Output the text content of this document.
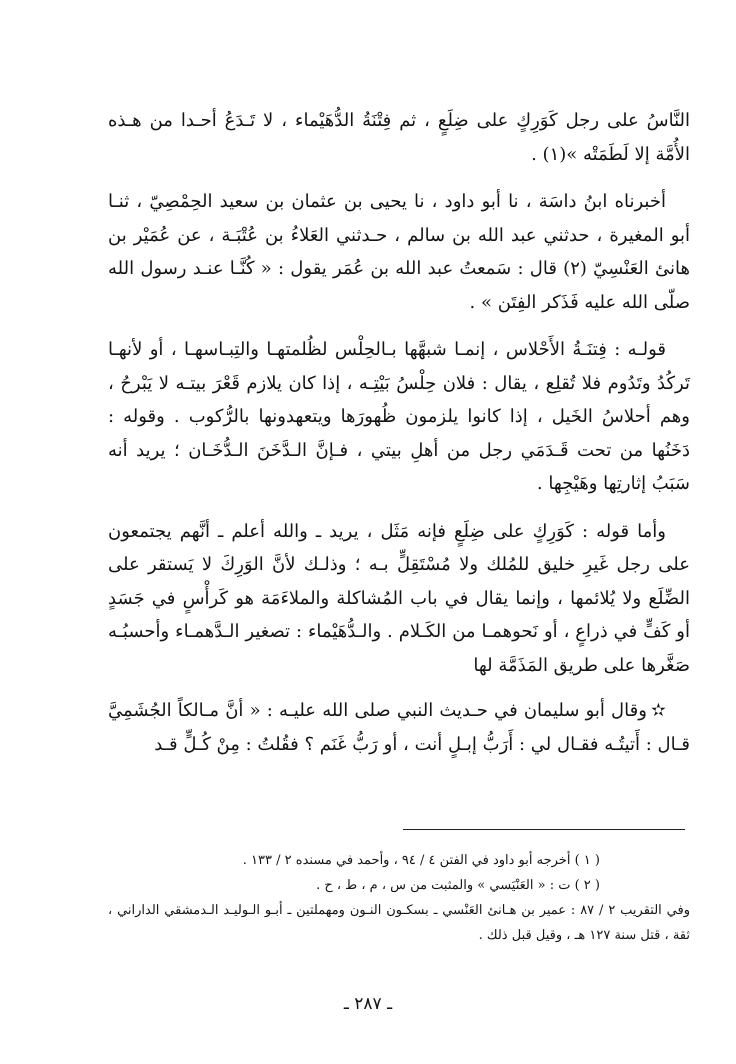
النَّاسُ على رجل كَوَرِكٍ على ضِلَعٍ ، ثم فِتْنَةُ الدُّهَيْماء ، لا تَـدَعُ أحـدا من هـذه الأُمَّة إلا لَطَمَتْه »(١) .

أخبرناه ابنُ داسَة ، نا أبو داود ، نا يحيى بن عثمان بن سعيد الحِمْصِيّ ، ثنـا أبو المغيرة ، حدثني عبد الله بن سالم ، حـدثني العَلاءُ بن عُتْبَـة ، عن عُمَيْر بن هانئ العَنْسِيّ (٢) قال : سَمعتُ عبد الله بن عُمَر يقول : « كُنَّـا عنـد رسول الله صلّى الله عليه فَذَكر الفِتَن » .

قولـه : فِتنَـةُ الأَحْلاس ، إنمـا شبهَّها بـالحِلْس لظُلمتهـا والتِبـاسهـا ، أو لأنهـا تَركُدُ وتَدُوم فلا تُقلِع ، يقال : فلان حِلْسُ بَيْتِـه ، إذا كان يلازم قَعْرَ بيتـه لا يَبْرحُ ، وهم أحلاسُ الخَيل ، إذا كانوا يلزمون ظُهورَها ويتعهدونها بالرُّكوب . وقوله : دَخَنُها من تحت قَـدَمَي رجل من أهلِ بيتي ، فـإنَّ الـدَّخَنَ الـدُّخَـان ؛ يريد أنه سَبَبُ إثارتِها وهَيْجِها .

وأما قوله : كَوَرِكٍ على ضِلَعٍ فإنه مَثَل ، يريد ـ والله أعلم ـ أنَّهم يجتمعون على رجل غَيرِ خليق للمُلك ولا مُسْتَقِلٍّ بـه ؛ وذلـك لأنَّ الوَرِكَ لا يَستقر على الضِّلَع ولا يُلائمها ، وإنما يقال في باب المُشاكلة والملاءَمَة هو كَرأْسٍ في جَسَدٍ أو كَفٍّ في ذراعٍ ، أو نَحوهمـا من الكَـلام . والـدُّهَيْماء : تصغير الـدَّهمـاء وأحسبُـه صَغَّرها على طريق المَذَمَّة لها

✫وقال أبو سليمان في حـديث النبي صلى الله عليـه : « أنَّ مـالكاً الجُشَمِيَّ قـال : أَتيتُـه فقـال لي : أَرَبُّ إبـلٍ أنت ، أو رَبُّ غَنَم ؟ فقُلتُ : مِنْ كُـلٍّ قـد

( ١ ) أخرجه أبو داود في الفتن ٤ / ٩٤ ، وأحمد في مسنده ٢ / ١٣٣ .

( ٢ ) ت : « العَنْيَسي » والمثبت من س ، م ، ط ، ح .

وفي التقريب ٢ / ٨٧ : عمير بن هـانئ العَنْسي ـ بسكـون النـون ومهملتين ـ أبـو الـوليـد الـدمشقي الداراني ، ثقة ، قتل سنة ١٢٧ هـ ، وقيل قبل ذلك .

ـ ٢٨٧ ـ
